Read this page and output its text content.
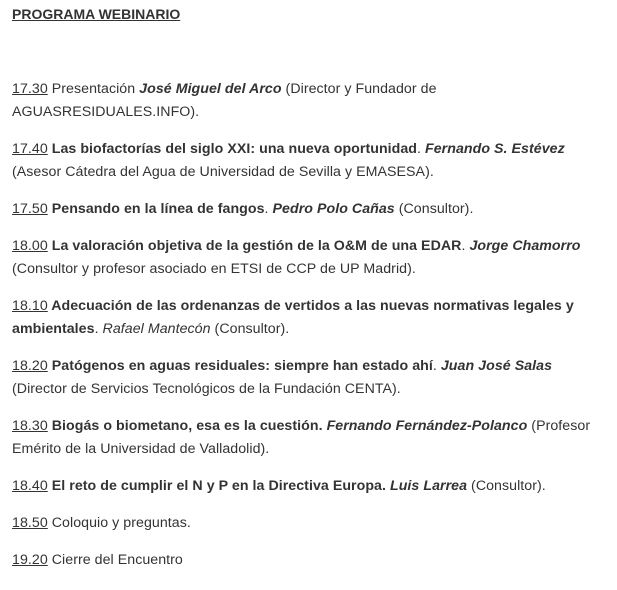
PROGRAMA WEBINARIO

17.30 Presentación José Miguel del Arco (Director y Fundador de AGUASRESIDUALES.INFO).

17.40 Las biofactorías del siglo XXI: una nueva oportunidad. Fernando S. Estévez (Asesor Cátedra del Agua de Universidad de Sevilla y EMASESA).

17.50 Pensando en la línea de fangos. Pedro Polo Cañas (Consultor).

18.00 La valoración objetiva de la gestión de la O&M de una EDAR. Jorge Chamorro (Consultor y profesor asociado en ETSI de CCP de UP Madrid).

18.10 Adecuación de las ordenanzas de vertidos a las nuevas normativas legales y ambientales. Rafael Mantecón (Consultor).

18.20 Patógenos en aguas residuales: siempre han estado ahí. Juan José Salas (Director de Servicios Tecnológicos de la Fundación CENTA).

18.30 Biogás o biometano, esa es la cuestión. Fernando Fernández-Polanco (Profesor Emérito de la Universidad de Valladolid).

18.40 El reto de cumplir el N y P en la Directiva Europa. Luis Larrea (Consultor).

18.50 Coloquio y preguntas.

19.20 Cierre del Encuentro
